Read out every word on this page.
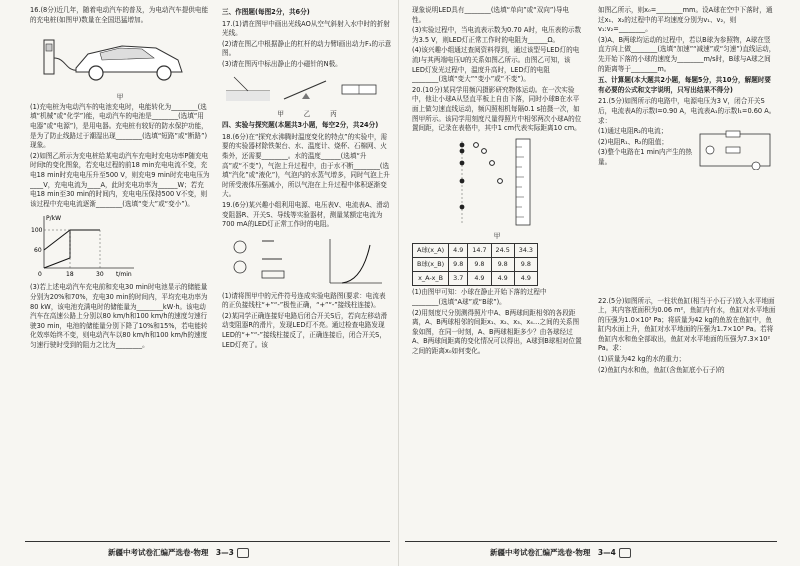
16.(8分)近几年，随着电动汽车的普及，为电动汽车提供电能的充电桩(如图甲)数量在全国迅猛增加。

甲

(1)充电桩为电动汽车的电池充电时，电能转化为________(选填“机械”或“化学”)能，电动汽车的电池是________(选填“用电器”或“电源”)，是用电器。充电桩有较好的防水保护功能，是为了防止线路过于潮湿出现________(选填“短路”或“断路”)现象。

(2)如图乙所示为充电桩给某电动汽车充电时充电功率P随充电时间t的变化图象，若充电过程的前18 min充电电流不变，充电18 min时充电电压升至500 V，则充电9 min时充电电压为____V，充电电流为____A，此时充电功率为______W；若充电18 min至30 min的时间内，充电电压保持500 V不变，则该过程中充电电流逐渐________(选填“变大”或“变小”)。

P/kW
100
60
0	18	30 t/min

(3)若上述电动汽车充电前和充电30 min时电池显示的储能量分别为20%和70%，充电30 min的时间内，平均充电功率为80 kW，该电池充满电时的储能量为________kW·h。该电动汽车在高速公路上分别以80 km/h和100 km/h的速度匀速行驶30 min，电池的储能量分别下降了10%和15%，若电能转化效率始终不变，则电动汽车以80 km/h和100 km/h的速度匀速行驶时受到的阻力之比为________。

三、作图题(每图2分，共6分)

17.(1)请在图甲中画出光线AO从空气斜射入水中时的折射光线。

(2)请在图乙中根据静止的杠杆的动力臂l画出动力F₁的示意图。

(3)请在图丙中标出静止的小磁针的N极。

甲　　　乙　　　丙

四、实验与探究题(本题共3小题，每空2分，共24分)

18.(6分)在“探究水沸腾时温度变化的特点”的实验中，需要的实验器材除铁架台、水、温度计、烧杯、石棉网、火柴外，还需要________。水的温度______(选填“升高”或“不变”)，气泡上升过程中，由于水不断________(选填“汽化”或“液化”)，气泡内的水蒸气增多，同时气泡上升时所受液体压强减小，所以气泡在上升过程中体积逐渐变大。

19.(6分)某兴趣小组利用电源、电压表V、电流表A、滑动变阻器R、开关S、导线等实验器材，测量某额定电流为700 mA的LED灯正常工作时的电阻。

(1)请将图甲中的元件符号连成实验电路图(要求：电流表的正负接线柱“+”“-”极性正确，“+”“-”接线柱连接)。

(2)某同学正确连接好电路后闭合开关S后，若向左移动滑动变阻器R的滑片，发现LED灯不亮。通过检查电路发现LED的“+”“-”接线柱接反了，正确连接后，闭合开关S，LED灯亮了。该

现象说明LED具有________(选填“单向”或“双向”)导电性。

(3)实验过程中，当电流表示数为0.70 A时，电压表的示数为3.5 V，则LED灯正常工作时的电阻为______Ω。

(4)该兴趣小组通过查阅资料得到，通过该型号LED灯的电流I与其两端电压U的关系如图乙所示。由图乙可知，该LED灯发光过程中，温度升高时，LED灯的电阻________(选填“变大”“变小”或“不变”)。

20.(10分)某同学用频闪摄影研究物体运动。在一次实验中，他让小球A从竖直平板上自由下落，同时小球B在水平面上做匀速直线运动，频闪照相机每隔0.1 s拍摄一次，如图甲所示。该同学用刻度尺量得照片中相邻两次小球A的位置间距，记录在表格中，其中1 cm代表实际距离10 cm。

甲
A球(x_A)	4.9	14.7	24.5	34.3
B球(x_B)	9.8	9.8	9.8	9.8
x_A-x_B	3.7	4.9	4.9	4.9

(1)由图甲可知：小球在静止开始下落的过程中________(选填“A球”或“B球”)。

(2)用刻度尺分别测得照片中A、B两球间距相邻的各段距离，A、B两球相邻的间距x₁、x₂、x₃、x₄…之间的关系图象如图，在同一时刻，A、B两球相距多少？由各球经过A、B两球间距离的变化情况可以得出，A球到B球相对位置之间的距离x₀如何变化。

如图乙所示，则x₀=________mm。设A球在空中下落时，通过x₁、x₂的过程中的平均速度分别为v₁、v₂，则v₁:v₂=________。

(3)A、B两球均运动的过程中，若以B球为参照物，A球在竖直方向上做________(选填“加速”“减速”或“匀速”)直线运动，先开始下落的小球的速度为________m/s时，B球与A球之间的距离等于________m。

五、计算题(本大题共2小题，每题5分，共10分，解题时要有必要的公式和文字说明，只写出结果不得分)

21.(5分)如图所示的电路中，电源电压为3 V，闭合开关S后，电流表A的示数I=0.90 A，电流表A₁的示数I₁=0.60 A。求：

(1)通过电阻R₂的电流；

(2)电阻R₁、R₂的阻值；

(3)整个电路在1 min内产生的热量。

22.(5分)如图所示，一柱状鱼缸(相当于小石子)放入水平地面上，其内容底面积为0.06 m²，鱼缸内有水，鱼缸对水平地面的压强为1.0×10³ Pa；将质量为42 kg的鱼放在鱼缸中，鱼缸内水面上升，鱼缸对水平地面的压强为1.7×10³ Pa。若将鱼缸内水和鱼全部取出，鱼缸对水平地面的压强为7.3×10² Pa。求：

(1)质量为42 kg的水的重力；

(2)鱼缸内水和鱼，鱼缸(含鱼缸底小石子)的

新疆中考试卷汇编严选卷·物理　3—3	新疆中考试卷汇编严选卷·物理　3—4
